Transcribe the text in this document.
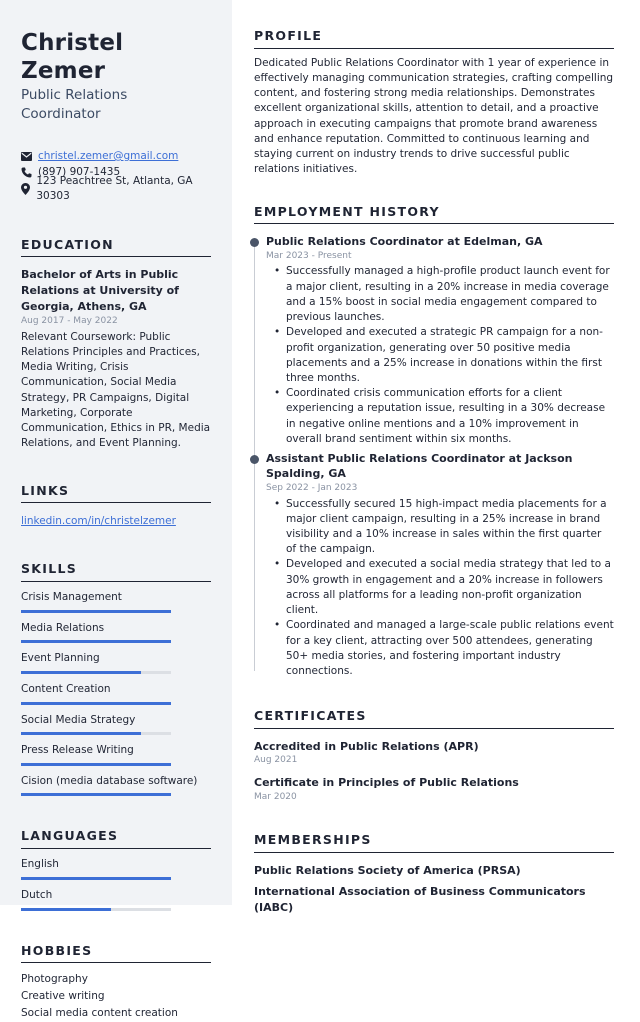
Christel Zemer
Public Relations Coordinator
christel.zemer@gmail.com
(897) 907-1435
123 Peachtree St, Atlanta, GA 30303
EDUCATION
Bachelor of Arts in Public Relations at University of Georgia, Athens, GA
Aug 2017 - May 2022
Relevant Coursework: Public Relations Principles and Practices, Media Writing, Crisis Communication, Social Media Strategy, PR Campaigns, Digital Marketing, Corporate Communication, Ethics in PR, Media Relations, and Event Planning.
LINKS
linkedin.com/in/christelzemer
SKILLS
Crisis Management
Media Relations
Event Planning
Content Creation
Social Media Strategy
Press Release Writing
Cision (media database software)
LANGUAGES
English
Dutch
HOBBIES
Photography
Creative writing
Social media content creation
PROFILE
Dedicated Public Relations Coordinator with 1 year of experience in effectively managing communication strategies, crafting compelling content, and fostering strong media relationships. Demonstrates excellent organizational skills, attention to detail, and a proactive approach in executing campaigns that promote brand awareness and enhance reputation. Committed to continuous learning and staying current on industry trends to drive successful public relations initiatives.
EMPLOYMENT HISTORY
Public Relations Coordinator at Edelman, GA
Mar 2023 - Present
• Successfully managed a high-profile product launch event for a major client, resulting in a 20% increase in media coverage and a 15% boost in social media engagement compared to previous launches.
• Developed and executed a strategic PR campaign for a non-profit organization, generating over 50 positive media placements and a 25% increase in donations within the first three months.
• Coordinated crisis communication efforts for a client experiencing a reputation issue, resulting in a 30% decrease in negative online mentions and a 10% improvement in overall brand sentiment within six months.
Assistant Public Relations Coordinator at Jackson Spalding, GA
Sep 2022 - Jan 2023
• Successfully secured 15 high-impact media placements for a major client campaign, resulting in a 25% increase in brand visibility and a 10% increase in sales within the first quarter of the campaign.
• Developed and executed a social media strategy that led to a 30% growth in engagement and a 20% increase in followers across all platforms for a leading non-profit organization client.
• Coordinated and managed a large-scale public relations event for a key client, attracting over 500 attendees, generating 50+ media stories, and fostering important industry connections.
CERTIFICATES
Accredited in Public Relations (APR)
Aug 2021
Certificate in Principles of Public Relations
Mar 2020
MEMBERSHIPS
Public Relations Society of America (PRSA)
International Association of Business Communicators (IABC)
